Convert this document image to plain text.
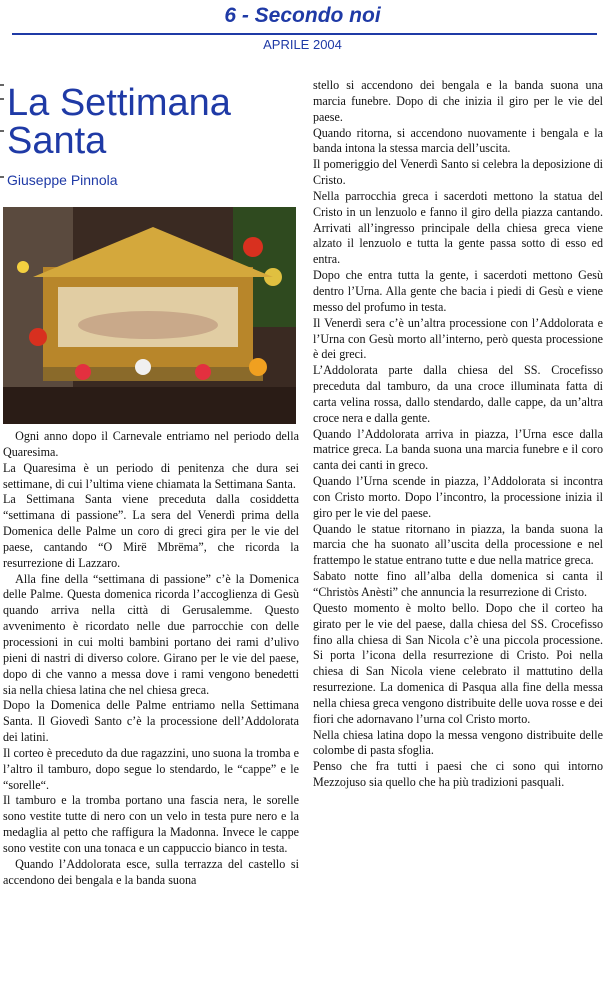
6 - Secondo noi
APRILE 2004
La Settimana Santa
Giuseppe Pinnola

Ogni anno dopo il Carnevale entriamo nel periodo della Quaresima.

La Quaresima è un periodo di penitenza che dura sei settimane, di cui l’ultima viene chiamata la Settimana Santa.

La Settimana Santa viene preceduta dalla cosiddetta “settimana di passione”. La sera del Venerdì prima della Domenica delle Palme un coro di greci gira per le vie del paese, cantando “O Mirë Mbrëma”, che ricorda la resurrezione di Lazzaro.

Alla fine della “settimana di passione” c’è la Domenica delle Palme. Questa domenica ricorda l’accoglienza di Gesù quando arriva nella città di Gerusalemme. Questo avvenimento è ricordato nelle due parrocchie con delle processioni in cui molti bambini portano dei rami d’ulivo pieni di nastri di diverso colore. Girano per le vie del paese, dopo di che vanno a messa dove i rami vengono benedetti sia nella chiesa latina che nel chiesa greca.

Dopo la Domenica delle Palme entriamo nella Settimana Santa. Il Giovedì Santo c’è la processione dell’Addolorata dei latini.

Il corteo è preceduto da due ragazzini, uno suona la tromba e l’altro il tamburo, dopo segue lo stendardo, le “cappe” e le “sorelle“.

Il tamburo e la tromba portano una fascia nera, le sorelle sono vestite tutte di nero con un velo in testa pure nero e la medaglia al petto che raffigura la Madonna. Invece le cappe sono vestite con una tonaca e un cappuccio bianco in testa.

Quando l’Addolorata esce, sulla terrazza del castello si accendono dei bengala e la banda suona

stello si accendono dei bengala e la banda suona una marcia funebre. Dopo di che inizia il giro per le vie del paese.

Quando ritorna, si accendono nuovamente i bengala e la banda intona la stessa marcia dell’uscita.

Il pomeriggio del Venerdì Santo si celebra la deposizione di Cristo.

Nella parrocchia greca i sacerdoti mettono la statua del Cristo in un lenzuolo e fanno il giro della piazza cantando. Arrivati all’ingresso principale della chiesa greca viene alzato il lenzuolo e tutta la gente passa sotto di esso ed entra.

Dopo che entra tutta la gente, i sacerdoti mettono Gesù dentro l’Urna. Alla gente che bacia i piedi di Gesù e viene messo del profumo in testa.

Il Venerdì sera c’è un’altra processione con l’Addolorata e l’Urna con Gesù morto all’interno, però questa processione è dei greci.

L’Addolorata parte dalla chiesa del SS. Crocefisso preceduta dal tamburo, da una croce illuminata fatta di carta velina rossa, dallo stendardo, dalle cappe, da un’altra croce nera e dalla gente.

Quando l’Addolorata arriva in piazza, l’Urna esce dalla matrice greca. La banda suona una marcia funebre e il coro canta dei canti in greco.

Quando l’Urna scende in piazza, l’Addolorata si incontra con Cristo morto. Dopo l’incontro, la processione inizia il giro per le vie del paese.

Quando le statue ritornano in piazza, la banda suona la marcia che ha suonato all’uscita della processione e nel frattempo le statue entrano tutte e due nella matrice greca.

Sabato notte fino all’alba della domenica si canta il “Christòs Anèsti” che annuncia la resurrezione di Cristo.

Questo momento è molto bello. Dopo che il corteo ha girato per le vie del paese, dalla chiesa del SS. Crocefisso fino alla chiesa di San Nicola c’è una piccola processione. Si porta l’icona della resurrezione di Cristo. Poi nella chiesa di San Nicola viene celebrato il mattutino della resurrezione. La domenica di Pasqua alla fine della messa nella chiesa greca vengono distribuite delle uova rosse e dei fiori che adornavano l’urna col Cristo morto.

Nella chiesa latina dopo la messa vengono distribuite delle colombe di pasta sfoglia.

Penso che fra tutti i paesi che ci sono qui intorno Mezzojuso sia quello che ha più tradizioni pasquali.
